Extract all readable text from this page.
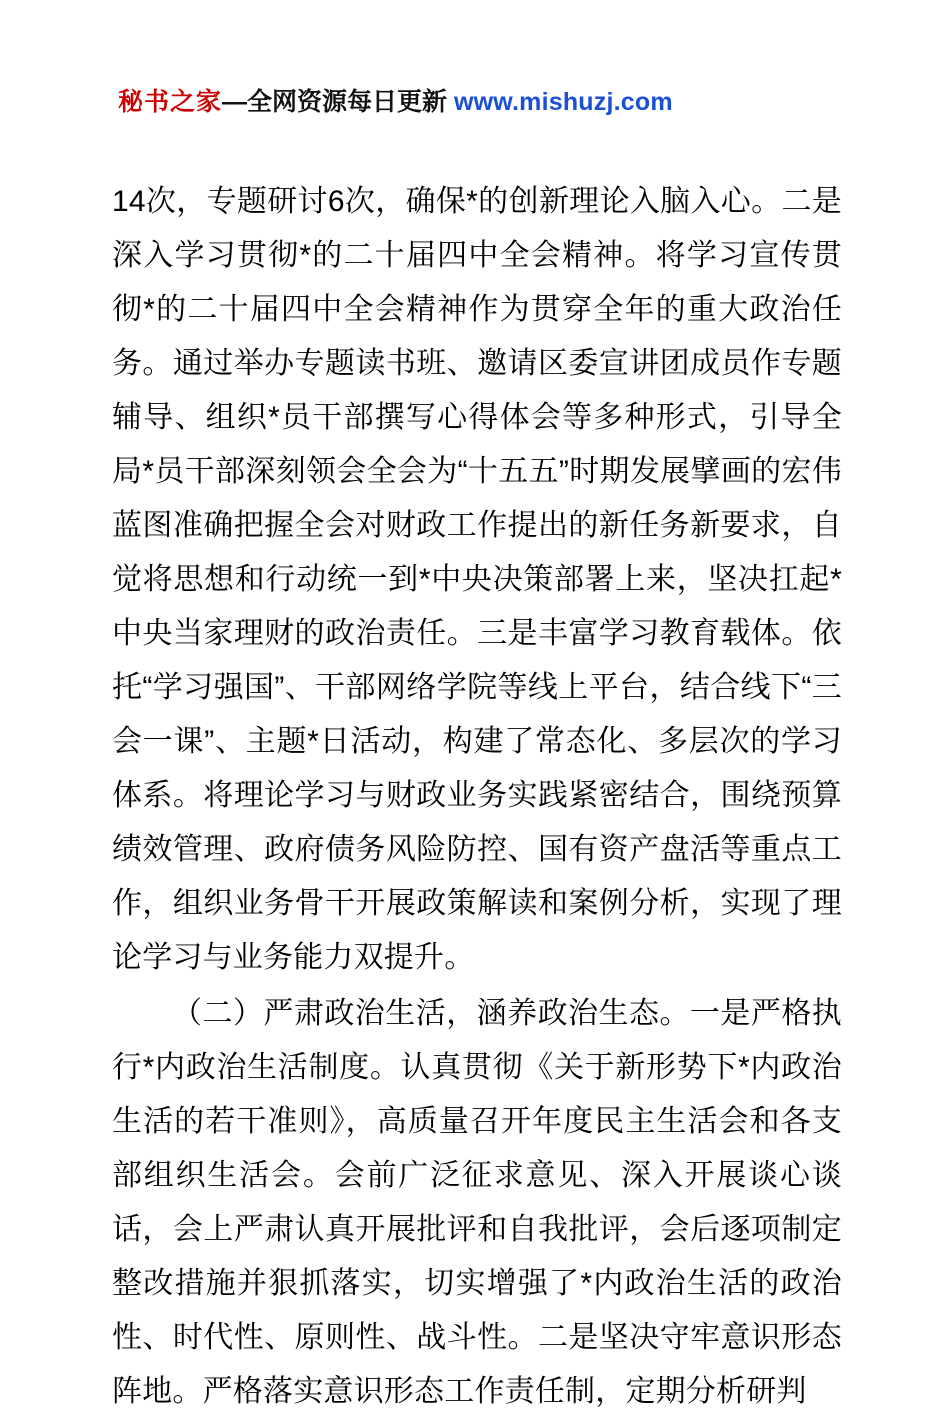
秘书之家—全网资源每日更新 www.mishuzj.com

14次，专题研讨6次，确保*的创新理论入脑入心。二是深入学习贯彻*的二十届四中全会精神。将学习宣传贯彻*的二十届四中全会精神作为贯穿全年的重大政治任务。通过举办专题读书班、邀请区委宣讲团成员作专题辅导、组织*员干部撰写心得体会等多种形式，引导全局*员干部深刻领会全会为“十五五”时期发展擘画的宏伟蓝图准确把握全会对财政工作提出的新任务新要求，自觉将思想和行动统一到*中央决策部署上来，坚决扛起*中央当家理财的政治责任。三是丰富学习教育载体。依托“学习强国”、干部网络学院等线上平台，结合线下“三会一课”、主题*日活动，构建了常态化、多层次的学习体系。将理论学习与财政业务实践紧密结合，围绕预算绩效管理、政府债务风险防控、国有资产盘活等重点工作，组织业务骨干开展政策解读和案例分析，实现了理论学习与业务能力双提升。

（二）严肃政治生活，涵养政治生态。一是严格执行*内政治生活制度。认真贯彻《关于新形势下*内政治生活的若干准则》，高质量召开年度民主生活会和各支部组织生活会。会前广泛征求意见、深入开展谈心谈话，会上严肃认真开展批评和自我批评，会后逐项制定整改措施并狠抓落实，切实增强了*内政治生活的政治性、时代性、原则性、战斗性。二是坚决守牢意识形态阵地。严格落实意识形态工作责任制，定期分析研判
